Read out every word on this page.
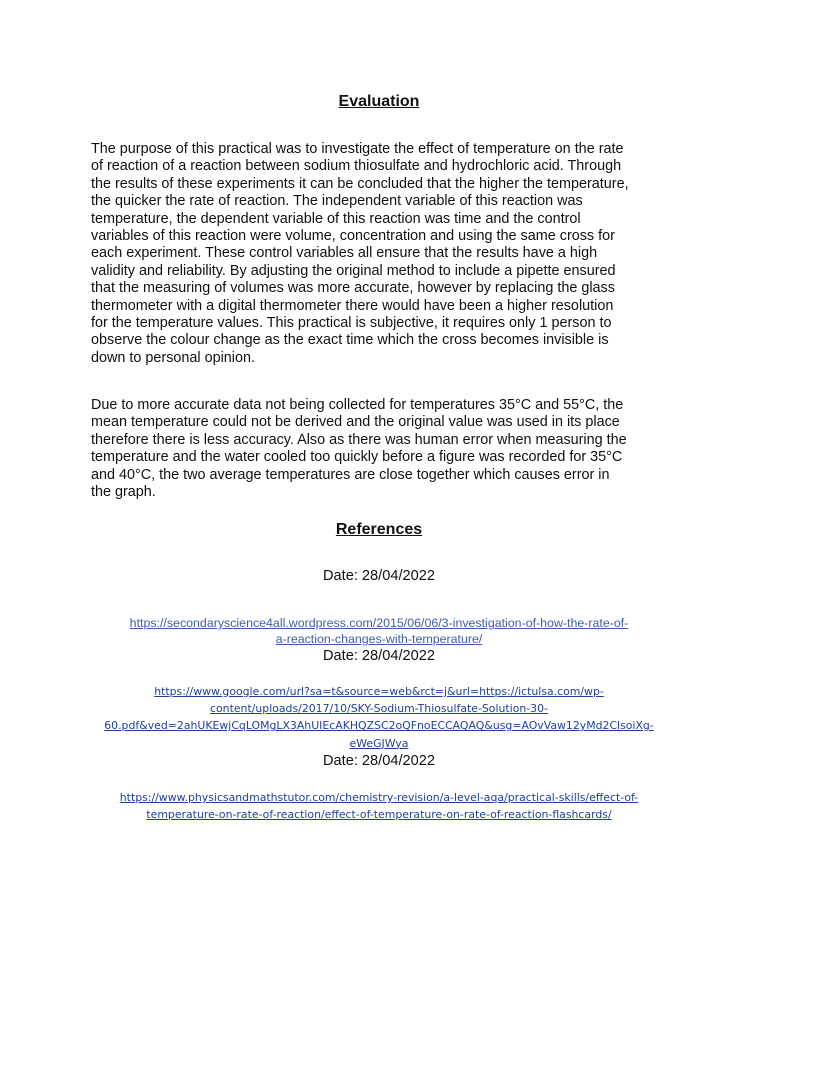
Evaluation

The purpose of this practical was to investigate the effect of temperature on the rate
of reaction of a reaction between sodium thiosulfate and hydrochloric acid. Through
the results of these experiments it can be concluded that the higher the temperature,
the quicker the rate of reaction. The independent variable of this reaction was
temperature, the dependent variable of this reaction was time and the control
variables of this reaction were volume, concentration and using the same cross for
each experiment. These control variables all ensure that the results have a high
validity and reliability. By adjusting the original method to include a pipette ensured
that the measuring of volumes was more accurate, however by replacing the glass
thermometer with a digital thermometer there would have been a higher resolution
for the temperature values. This practical is subjective, it requires only 1 person to
observe the colour change as the exact time which the cross becomes invisible is
down to personal opinion.

Due to more accurate data not being collected for temperatures 35°C and 55°C, the
mean temperature could not be derived and the original value was used in its place
therefore there is less accuracy. Also as there was human error when measuring the
temperature and the water cooled too quickly before a figure was recorded for 35°C
and 40°C, the two average temperatures are close together which causes error in
the graph.

References
Date: 28/04/2022
https://secondaryscience4all.wordpress.com/2015/06/06/3-investigation-of-how-the-rate-of-
a-reaction-changes-with-temperature/
Date: 28/04/2022
https://www.google.com/url?sa=t&source=web&rct=j&url=https://ictulsa.com/wp-
content/uploads/2017/10/SKY-Sodium-Thiosulfate-Solution-30-
60.pdf&ved=2ahUKEwjCqLOMgLX3AhUIEcAKHQZSC2oQFnoECCAQAQ&usg=AOvVaw12yMd2ClsoiXg-
eWeGJWya
Date: 28/04/2022
https://www.physicsandmathstutor.com/chemistry-revision/a-level-aqa/practical-skills/effect-of-
temperature-on-rate-of-reaction/effect-of-temperature-on-rate-of-reaction-flashcards/
